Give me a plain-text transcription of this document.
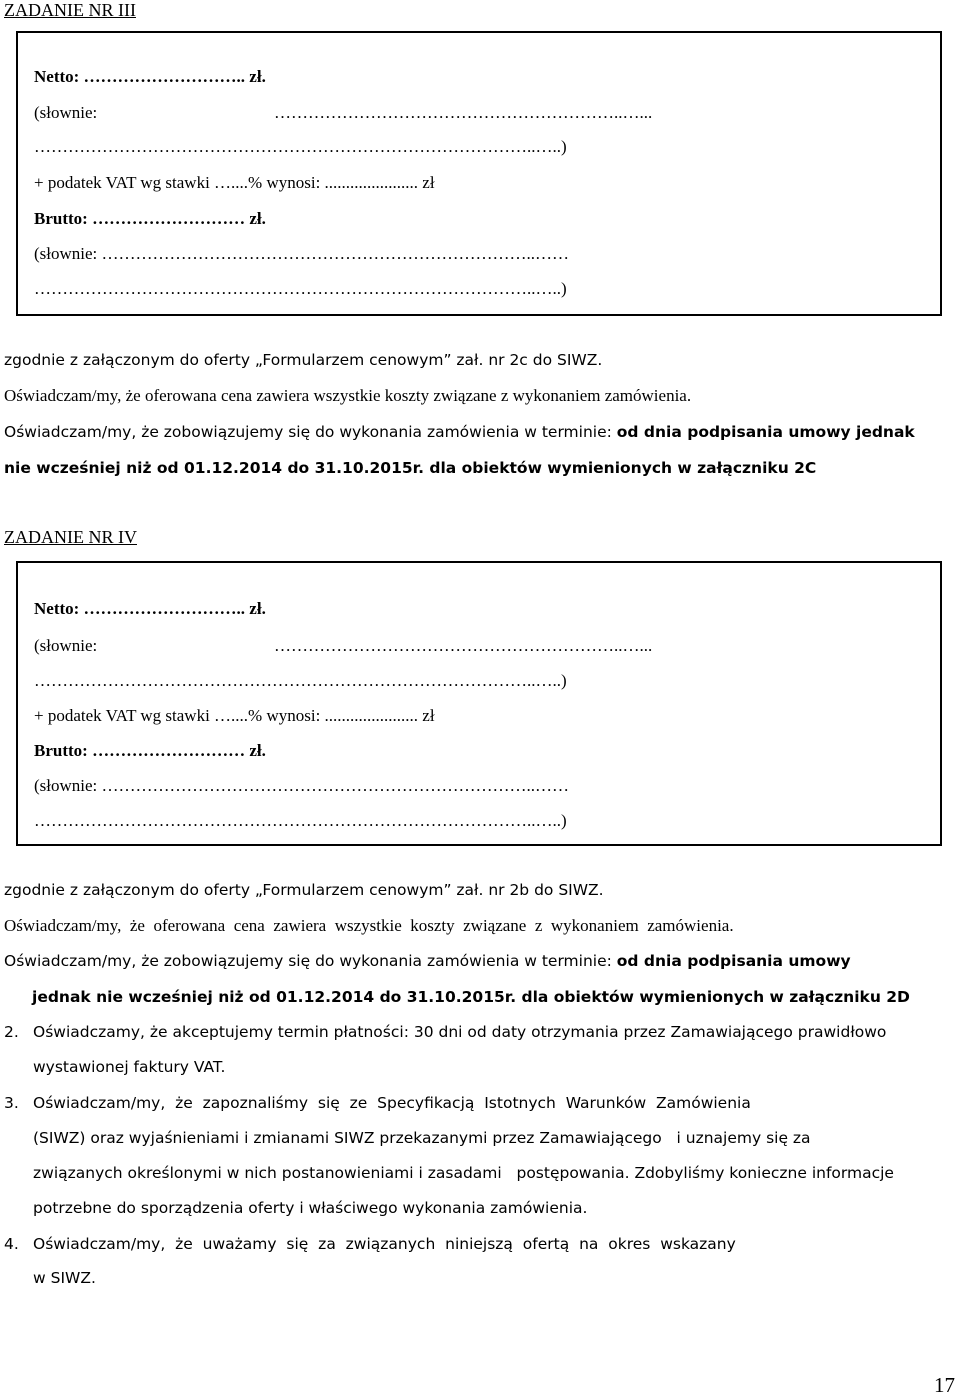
ZADANIE NR III
Netto: ……………………….. zł.
(słownie:	……………………………………………………..…...
……………………………………………………………………………..…..)
+ podatek VAT wg stawki …....% wynosi: ...................... zł
Brutto: ……………………… zł.
(słownie: …………………………………………………………………..……
……………………………………………………………………………..…..)
zgodnie z załączonym do oferty „Formularzem cenowym” zał. nr 2c do SIWZ.
Oświadczam/my, że oferowana cena zawiera wszystkie koszty związane z wykonaniem zamówienia.
Oświadczam/my, że zobowiązujemy się do wykonania zamówienia w terminie: od dnia podpisania umowy jednak
nie wcześniej niż od 01.12.2014 do 31.10.2015r. dla obiektów wymienionych w załączniku 2C
ZADANIE NR IV
Netto: ……………………….. zł.
(słownie:	……………………………………………………..…...
……………………………………………………………………………..…..)
+ podatek VAT wg stawki …....% wynosi: ...................... zł
Brutto: ……………………… zł.
(słownie: …………………………………………………………………..……
……………………………………………………………………………..…..)
zgodnie z załączonym do oferty „Formularzem cenowym” zał. nr 2b do SIWZ.
Oświadczam/my,  że  oferowana  cena  zawiera  wszystkie  koszty  związane  z  wykonaniem  zamówienia.
Oświadczam/my, że zobowiązujemy się do wykonania zamówienia w terminie: od dnia podpisania umowy
jednak nie wcześniej niż od 01.12.2014 do 31.10.2015r. dla obiektów wymienionych w załączniku 2D
2. Oświadczamy, że akceptujemy termin płatności: 30 dni od daty otrzymania przez Zamawiającego prawidłowo
wystawionej faktury VAT.
3. Oświadczam/my,  że  zapoznaliśmy  się  ze  Specyfikacją  Istotnych  Warunków  Zamówienia
(SIWZ) oraz wyjaśnieniami i zmianami SIWZ przekazanymi przez Zamawiającego   i uznajemy się za
związanych określonymi w nich postanowieniami i zasadami   postępowania. Zdobyliśmy konieczne informacje
potrzebne do sporządzenia oferty i właściwego wykonania zamówienia.
4. Oświadczam/my,  że  uważamy  się  za  związanych  niniejszą  ofertą  na  okres  wskazany
w SIWZ.
17
